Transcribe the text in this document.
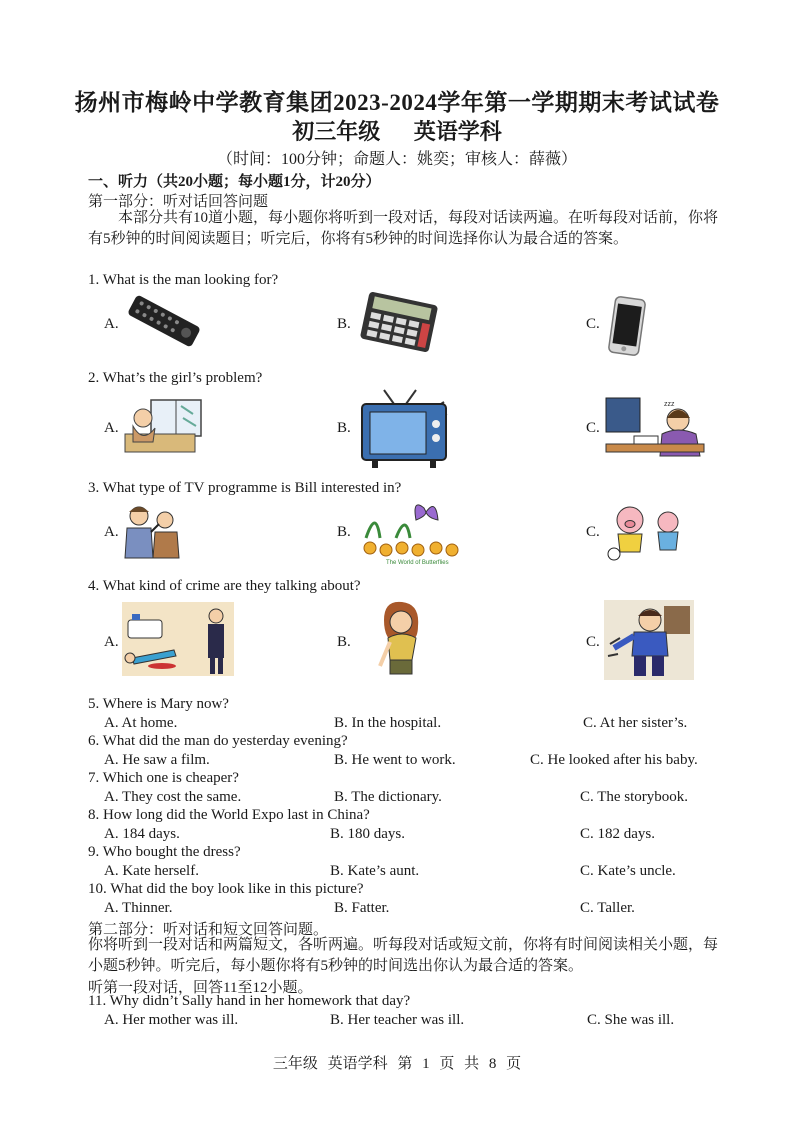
扬州市梅岭中学教育集团2023-2024学年第一学期期末考试试卷
初三年级 英语学科
（时间：100分钟；命题人：姚奕；审核人：薛薇）
一、听力（共20小题；每小题1分，计20分）
第一部分：听对话回答问题
本部分共有10道小题，每小题你将听到一段对话，每段对话读两遍。在听每段对话前，你将有5秒钟的时间阅读题目；听完后，你将有5秒钟的时间选择你认为最合适的答案。
1. What is the man looking for?
A.	B.	C.
2. What’s the girl’s problem?
A.	B.	C.
zzz
3. What type of TV programme is Bill interested in?
A.	B.
The World of Butterflies
C.
4. What kind of crime are they talking about?
A.	B.	C.
5. Where is Mary now?
A. At home.	B. In the hospital.	C. At her sister’s.
6. What did the man do yesterday evening?
A. He saw a film.	B. He went to work.	C. He looked after his baby.
7. Which one is cheaper?
A. They cost the same.	B. The dictionary.	C. The storybook.
8. How long did the World Expo last in China?
A. 184 days.	B. 180 days.	C. 182 days.
9. Who bought the dress?
A. Kate herself.	B. Kate’s aunt.	C. Kate’s uncle.
10. What did the boy look like in this picture?
A. Thinner.	B. Fatter.	C. Taller.
第二部分：听对话和短文回答问题。
你将听到一段对话和两篇短文，各听两遍。听每段对话或短文前，你将有时间阅读相关小题，每小题5秒钟。听完后，每小题你将有5秒钟的时间选出你认为最合适的答案。
听第一段对话，回答11至12小题。
11. Why didn’t Sally hand in her homework that day?
A. Her mother was ill.	B. Her teacher was ill.	C. She was ill.
三年级 英语学科 第 1 页 共 8 页
